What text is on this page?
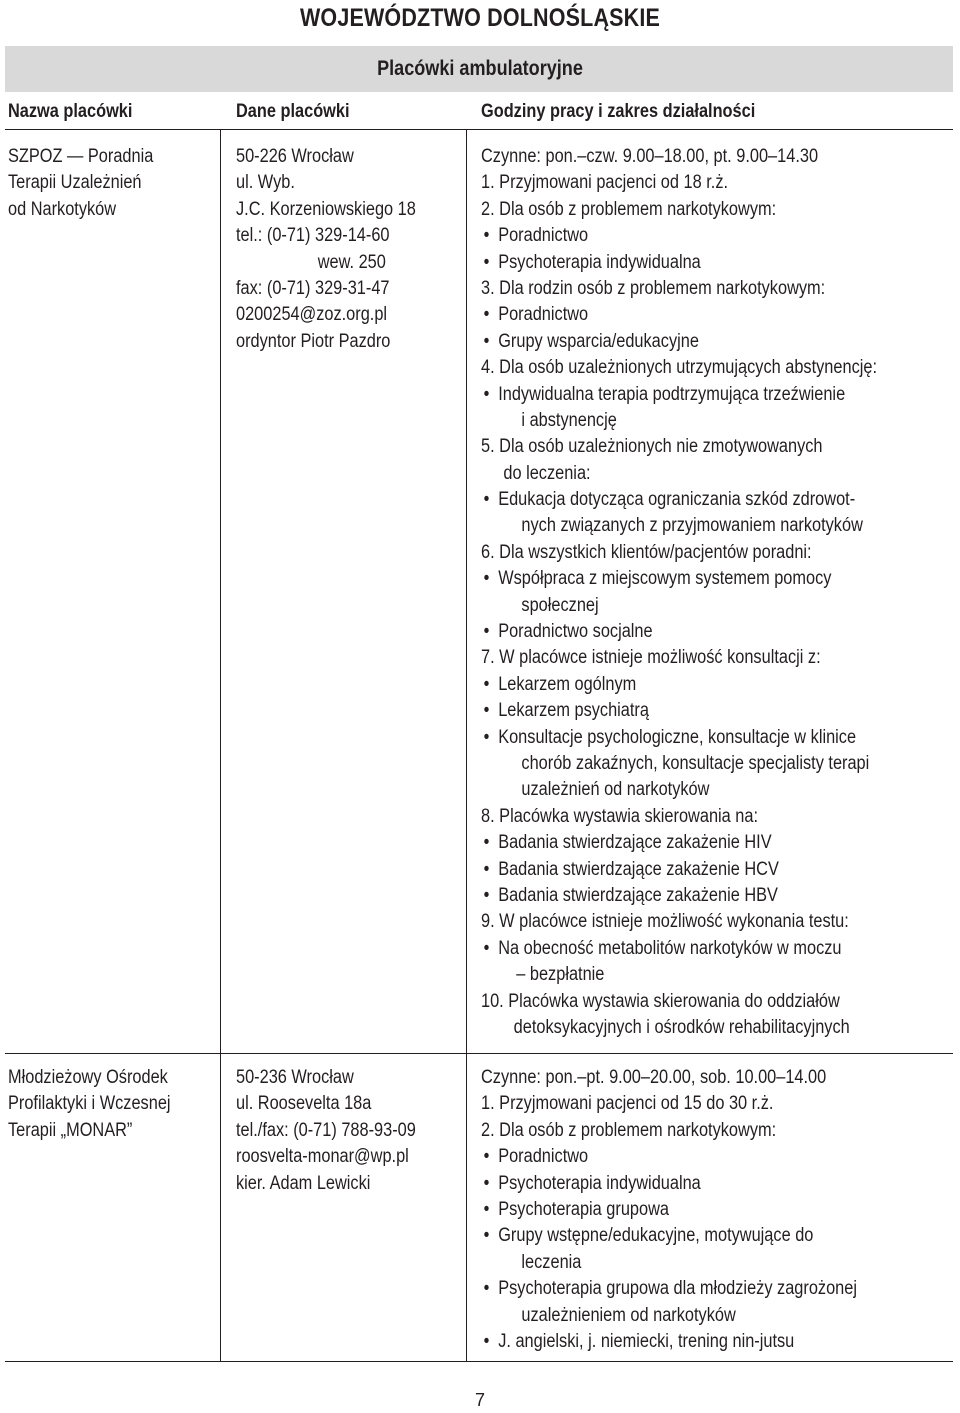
WOJEWÓDZTWO DOLNOŚLĄSKIE
Placówki ambulatoryjne
Nazwa placówki	Dane placówki	Godziny pracy i zakres działalności
SZPOZ — Poradnia
Terapii Uzależnień
od Narkotyków
50-226 Wrocław
ul. Wyb.
J.C. Korzeniowskiego 18
tel.: (0-71) 329-14-60
wew. 250
fax: (0-71) 329-31-47
0200254@zoz.org.pl
ordyntor Piotr Pazdro
Czynne: pon.–czw. 9.00–18.00, pt. 9.00–14.30
1. Przyjmowani pacjenci od 18 r.ż.
2. Dla osób z problemem narkotykowym:
• Poradnictwo
• Psychoterapia indywidualna
3. Dla rodzin osób z problemem narkotykowym:
• Poradnictwo
• Grupy wsparcia/edukacyjne
4. Dla osób uzależnionych utrzymujących abstynencję:
• Indywidualna terapia podtrzymująca trzeźwienie
i abstynencję
5. Dla osób uzależnionych nie zmotywowanych
do leczenia:
• Edukacja dotycząca ograniczania szkód zdrowot-
nych związanych z przyjmowaniem narkotyków
6. Dla wszystkich klientów/pacjentów poradni:
• Współpraca z miejscowym systemem pomocy
społecznej
• Poradnictwo socjalne
7. W placówce istnieje możliwość konsultacji z:
• Lekarzem ogólnym
• Lekarzem psychiatrą
• Konsultacje psychologiczne, konsultacje w klinice
chorób zakaźnych, konsultacje specjalisty terapi
uzależnień od narkotyków
8. Placówka wystawia skierowania na:
• Badania stwierdzające zakażenie HIV
• Badania stwierdzające zakażenie HCV
• Badania stwierdzające zakażenie HBV
9. W placówce istnieje możliwość wykonania testu:
• Na obecność metabolitów narkotyków w moczu
– bezpłatnie
10. Placówka wystawia skierowania do oddziałów
detoksykacyjnych i ośrodków rehabilitacyjnych
Młodzieżowy Ośrodek
Profilaktyki i Wczesnej
Terapii „MONAR”
50-236 Wrocław
ul. Roosevelta 18a
tel./fax: (0-71) 788-93-09
roosvelta-monar@wp.pl
kier. Adam Lewicki
Czynne: pon.–pt. 9.00–20.00, sob. 10.00–14.00
1. Przyjmowani pacjenci od 15 do 30 r.ż.
2. Dla osób z problemem narkotykowym:
• Poradnictwo
• Psychoterapia indywidualna
• Psychoterapia grupowa
• Grupy wstępne/edukacyjne, motywujące do
leczenia
• Psychoterapia grupowa dla młodzieży zagrożonej
uzależnieniem od narkotyków
• J. angielski, j. niemiecki, trening nin-jutsu
7
